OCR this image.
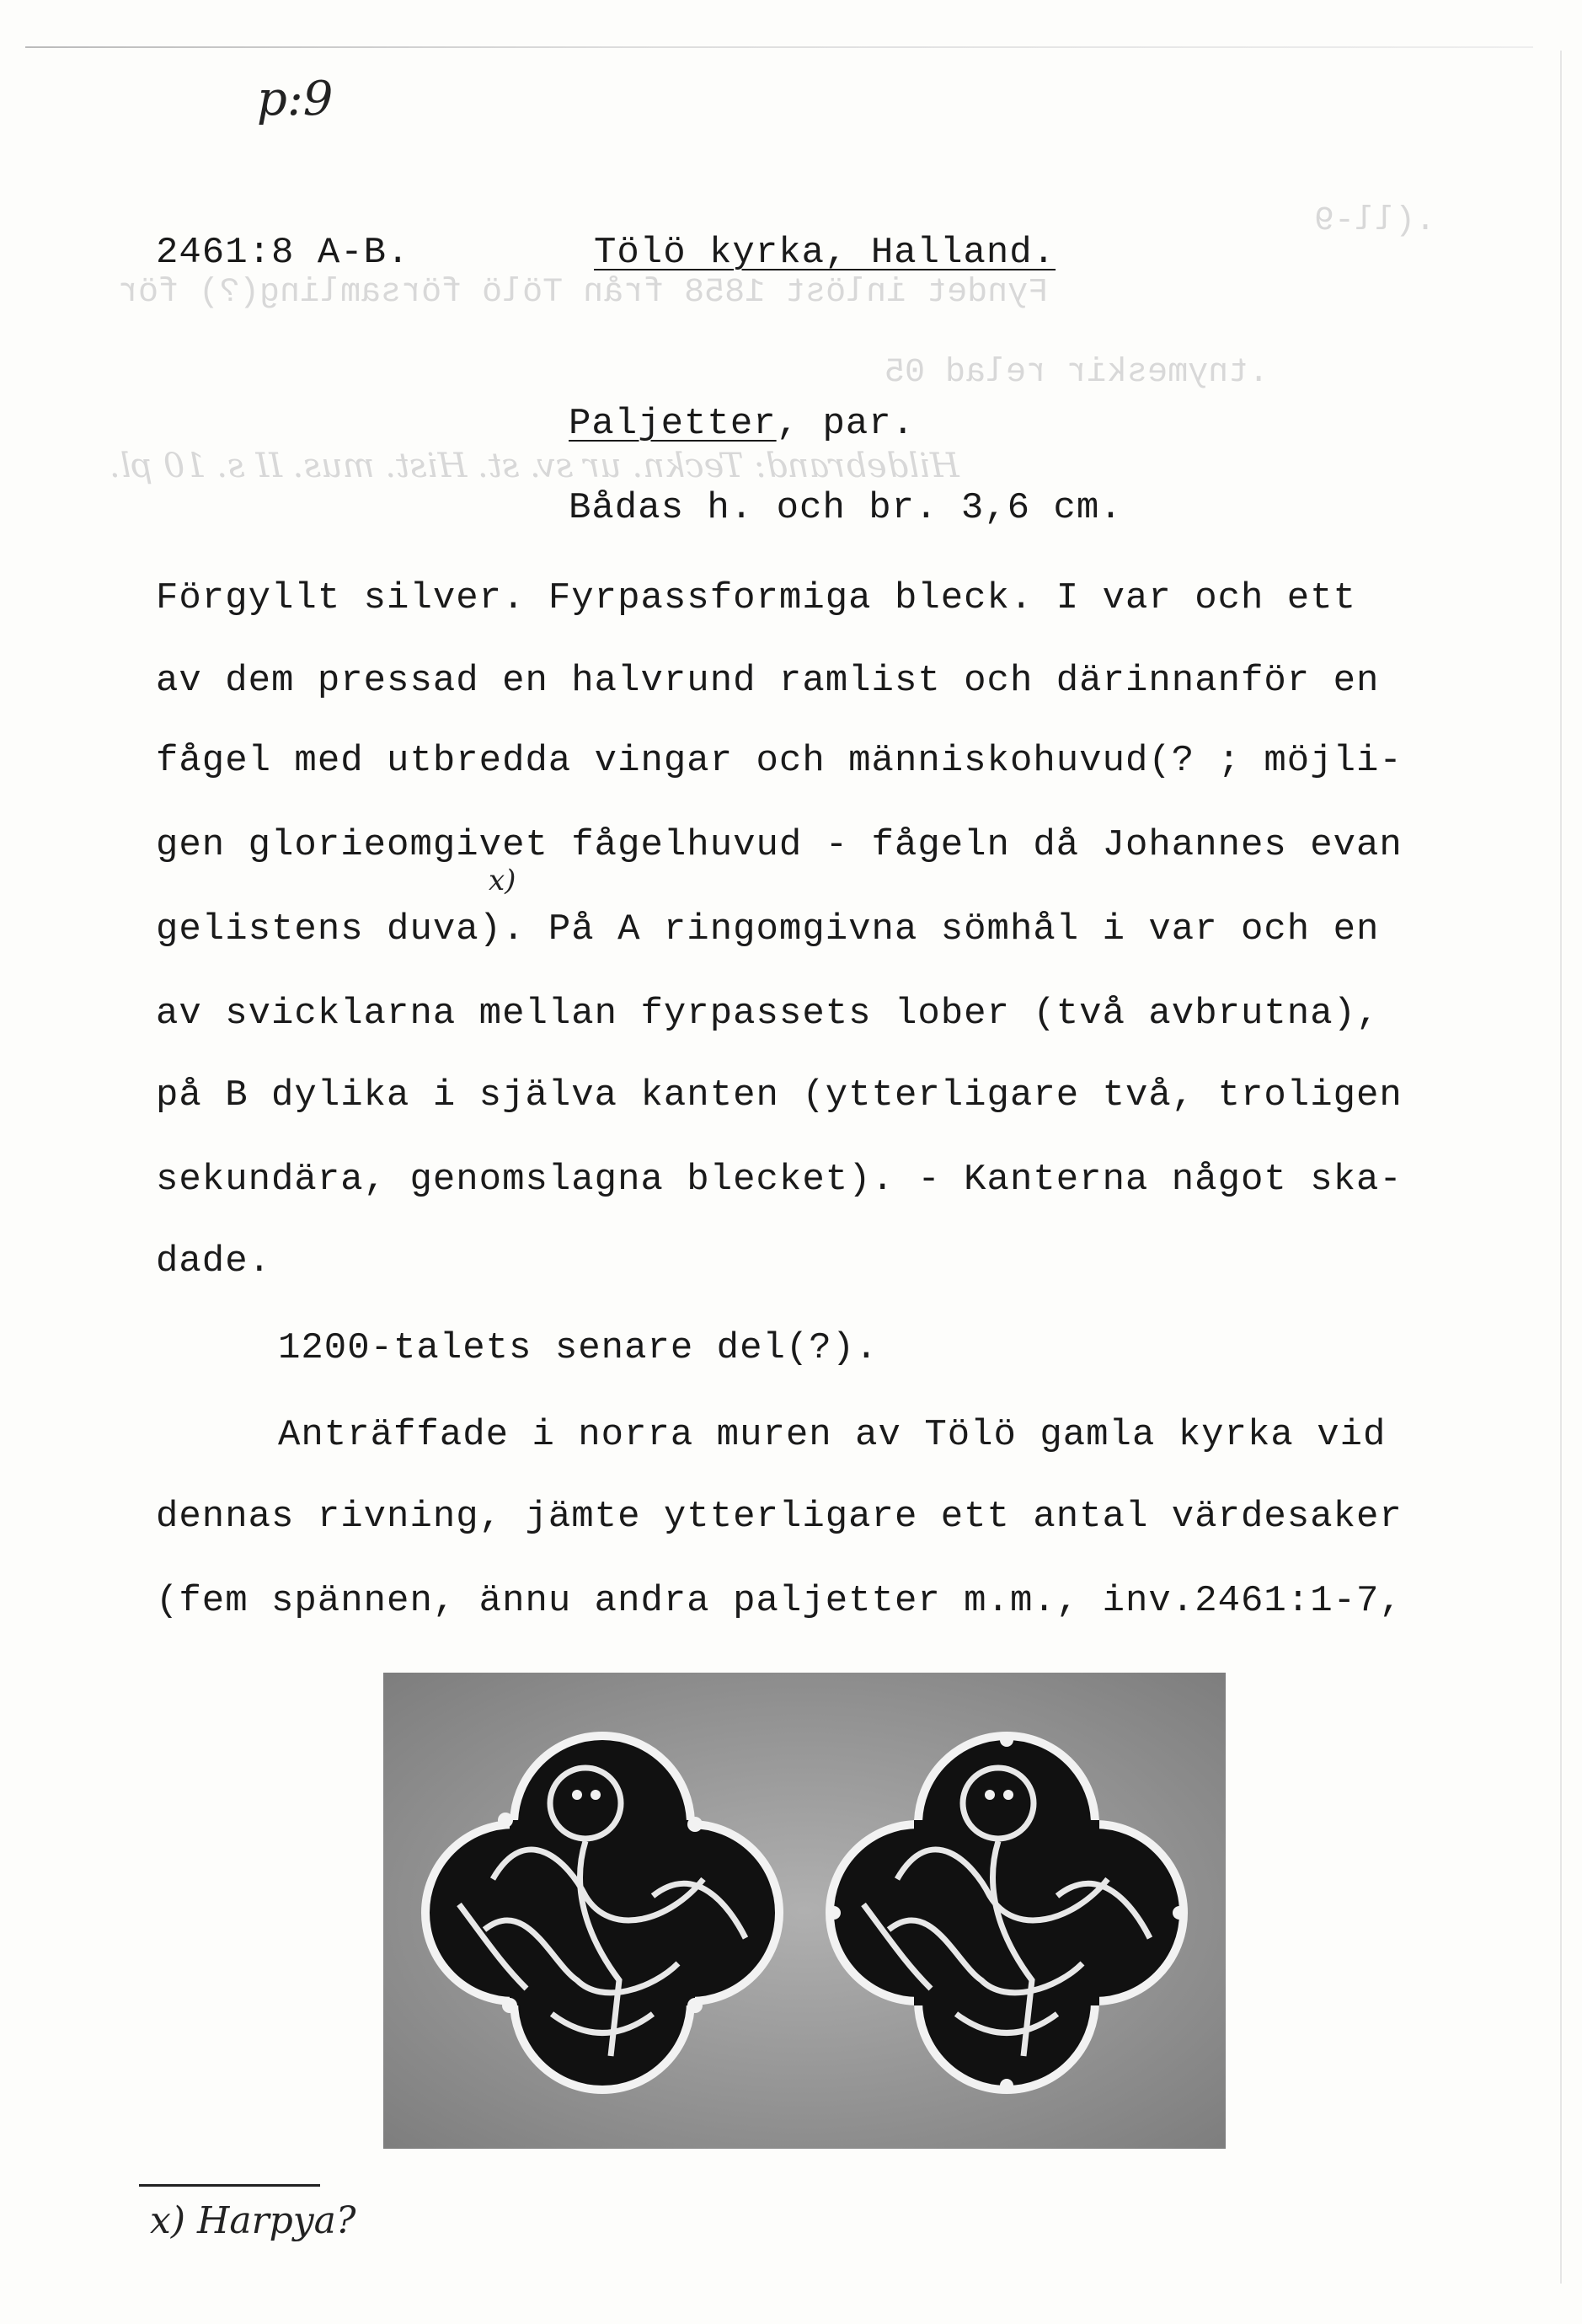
.(ll-9
Fyndet inlöst 1858 från Tölö församling(?) för
.tnymeskir relad 05
Hildebrand: Teckn. ur sv. st. Hist. mus. II s. 10 pl.
p:9
2461:8 A-B.	Tölö kyrka, Halland.
Paljetter, par.
Bådas h. och br. 3,6 cm.
Förgyllt silver. Fyrpassformiga bleck. I var och ett
av dem pressad en halvrund ramlist och därinnanför en
fågel med utbredda vingar och människohuvud(? ; möjli-
gen glorieomgivet fågelhuvud - fågeln då Johannes evan
x)
gelistens duva). På A ringomgivna sömhål i var och en
av svicklarna mellan fyrpassets lober (två avbrutna),
på B dylika i själva kanten (ytterligare två, troligen
sekundära, genomslagna blecket). - Kanterna något ska-
dade.
1200-talets senare del(?).
Anträffade i norra muren av Tölö gamla kyrka vid
dennas rivning, jämte ytterligare ett antal värdesaker
(fem spännen, ännu andra paljetter m.m., inv.2461:1-7,
x) Harpya?
